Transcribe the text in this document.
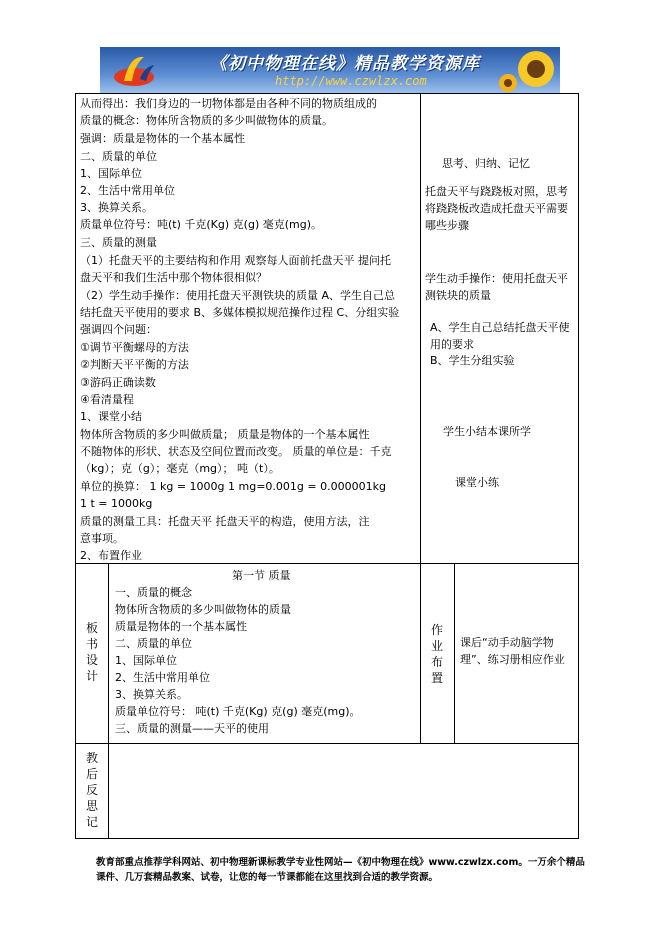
《初中物理在线》精品教学资源库
http://www.czwlzx.com
从而得出：我们身边的一切物体都是由各种不同的物质组成的
质量的概念：物体所含物质的多少叫做物体的质量。
强调：质量是物体的一个基本属性
二、质量的单位
1、国际单位
2、生活中常用单位
3、换算关系。
质量单位符号：吨(t) 千克(Kg) 克(g) 毫克(mg)。
三、质量的测量
（1）托盘天平的主要结构和作用 观察每人面前托盘天平 提问托
盘天平和我们生活中那个物体很相似？
（2）学生动手操作：使用托盘天平测铁块的质量 A、学生自己总
结托盘天平使用的要求 B、多媒体模拟规范操作过程 C、分组实验
强调四个问题：
①调节平衡螺母的方法
②判断天平平衡的方法
③游码正确读数
④看清量程
1、课堂小结
物体所含物质的多少叫做质量； 质量是物体的一个基本属性
不随物体的形状、状态及空间位置而改变。 质量的单位是：千克
（kg）；克（g）；毫克（mg）； 吨（t）。
单位的换算： 1 kg = 1000g 1 mg=0.001g = 0.000001kg
1 t = 1000kg
质量的测量工具：托盘天平 托盘天平的构造，使用方法，注
意事项。
2、布置作业
思考、归纳、记忆
托盘天平与跷跷板对照，思考将跷跷板改造成托盘天平需要哪些步骤
学生动手操作：使用托盘天平测铁块的质量
A、学生自己总结托盘天平使用的要求
B、学生分组实验
学生小结本课所学
课堂小练
板书设计
第一节 质量
一、质量的概念
物体所含物质的多少叫做物体的质量
质量是物体的一个基本属性
二、质量的单位
1、国际单位
2、生活中常用单位
3、换算关系。
质量单位符号： 吨(t) 千克(Kg) 克(g) 毫克(mg)。
三、质量的测量——天平的使用
作业布置
课后“动手动脑学物理”、练习册相应作业
教后反思记
教育部重点推荐学科网站、初中物理新课标教学专业性网站—《初中物理在线》www.czwlzx.com。一万余个精品课件、几万套精品教案、试卷，让您的每一节课都能在这里找到合适的教学资源。
